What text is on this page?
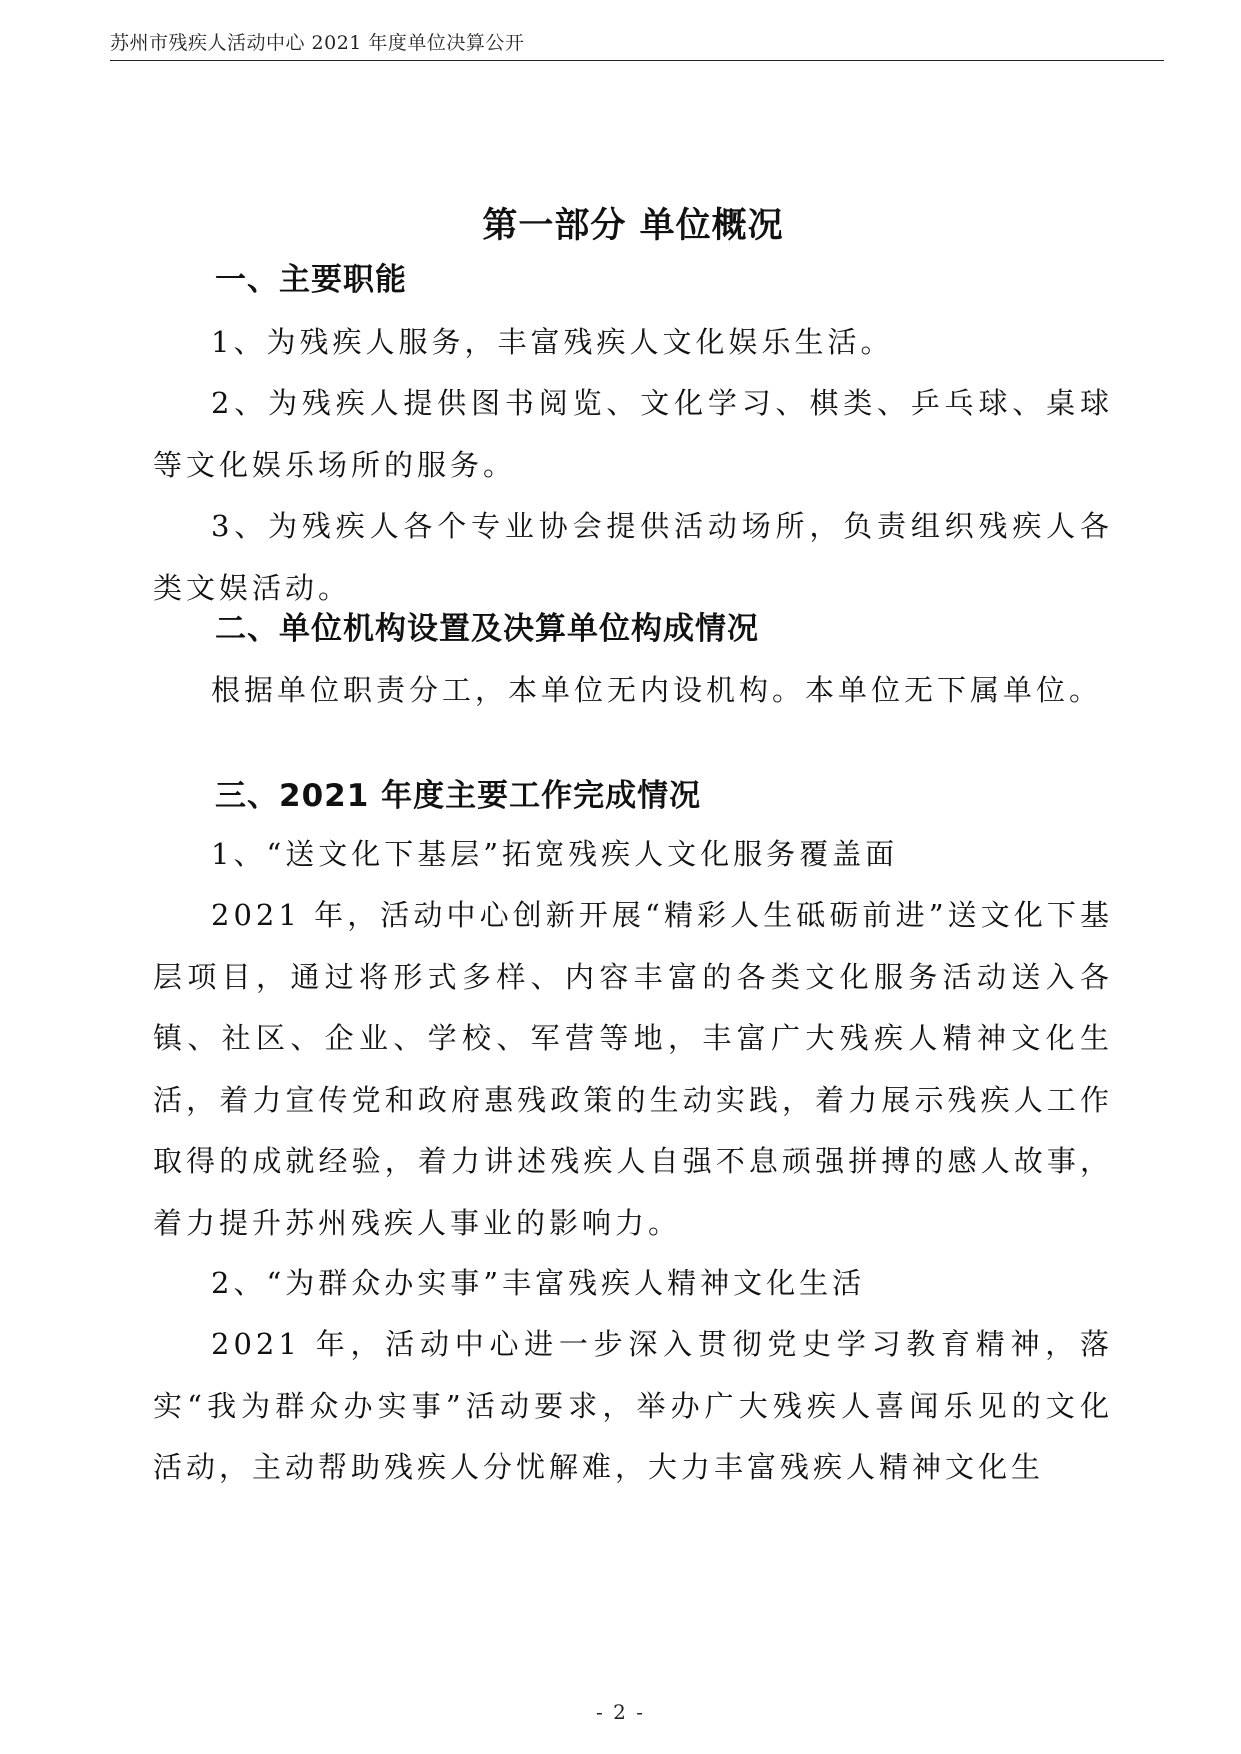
苏州市残疾人活动中心 2021 年度单位决算公开
第一部分 单位概况
一、主要职能
1、为残疾人服务，丰富残疾人文化娱乐生活。
2、为残疾人提供图书阅览、文化学习、棋类、乒乓球、桌球等文化娱乐场所的服务。
3、为残疾人各个专业协会提供活动场所，负责组织残疾人各类文娱活动。
二、单位机构设置及决算单位构成情况
根据单位职责分工，本单位无内设机构。本单位无下属单位。
三、2021 年度主要工作完成情况
1、“送文化下基层”拓宽残疾人文化服务覆盖面
2021 年，活动中心创新开展“精彩人生砥砺前进”送文化下基层项目，通过将形式多样、内容丰富的各类文化服务活动送入各镇、社区、企业、学校、军营等地，丰富广大残疾人精神文化生活，着力宣传党和政府惠残政策的生动实践，着力展示残疾人工作取得的成就经验，着力讲述残疾人自强不息顽强拼搏的感人故事，着力提升苏州残疾人事业的影响力。
2、“为群众办实事”丰富残疾人精神文化生活
2021 年，活动中心进一步深入贯彻党史学习教育精神，落实“我为群众办实事”活动要求，举办广大残疾人喜闻乐见的文化活动，主动帮助残疾人分忧解难，大力丰富残疾人精神文化生
- 2 -
